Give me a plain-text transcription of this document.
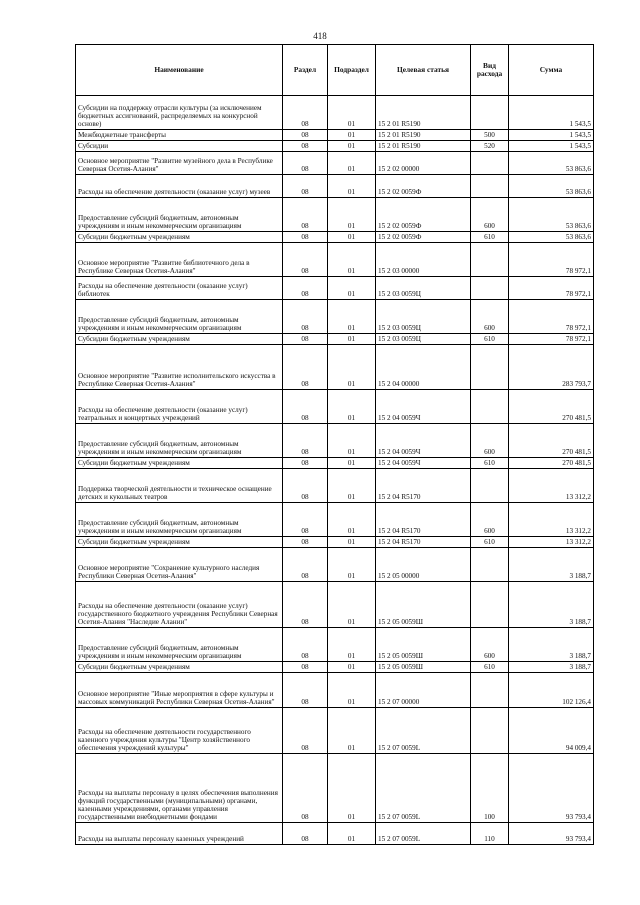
418
Наименование	Раздел	Подраздел	Целевая статья	Вид расхода	Сумма
Субсидии на поддержку отрасли культуры (за исключением бюджетных ассигнований, распределяемых на конкурсной основе)	08	01	15 2 01 R5190		1 543,5
Межбюджетные трансферты	08	01	15 2 01 R5190	500	1 543,5
Субсидии	08	01	15 2 01 R5190	520	1 543,5
Основное мероприятие "Развитие музейного дела в Республике Северная Осетия-Алания"	08	01	15 2 02 00000		53 863,6
Расходы на обеспечение деятельности (оказание услуг) музеев	08	01	15 2 02 0059Ф		53 863,6
Предоставление субсидий бюджетным, автономным учреждениям и иным некоммерческим организациям	08	01	15 2 02 0059Ф	600	53 863,6
Субсидии бюджетным учреждениям	08	01	15 2 02 0059Ф	610	53 863,6
Основное мероприятие "Развитие библиотечного дела в Республике Северная Осетия-Алания"	08	01	15 2 03 00000		78 972,1
Расходы на обеспечение деятельности (оказание услуг) библиотек	08	01	15 2 03 0059Ц		78 972,1
Предоставление субсидий бюджетным, автономным учреждениям и иным некоммерческим организациям	08	01	15 2 03 0059Ц	600	78 972,1
Субсидии бюджетным учреждениям	08	01	15 2 03 0059Ц	610	78 972,1
Основное мероприятие "Развитие исполнительского искусства в Республике Северная Осетия-Алания"	08	01	15 2 04 00000		283 793,7
Расходы на обеспечение деятельности (оказание услуг) театральных и концертных учреждений	08	01	15 2 04 0059Ч		270 481,5
Предоставление субсидий бюджетным, автономным учреждениям и иным некоммерческим организациям	08	01	15 2 04 0059Ч	600	270 481,5
Субсидии бюджетным учреждениям	08	01	15 2 04 0059Ч	610	270 481,5
Поддержка творческой деятельности и техническое оснащение детских и кукольных театров	08	01	15 2 04 R5170		13 312,2
Предоставление субсидий бюджетным, автономным учреждениям и иным некоммерческим организациям	08	01	15 2 04 R5170	600	13 312,2
Субсидии бюджетным учреждениям	08	01	15 2 04 R5170	610	13 312,2
Основное мероприятие "Сохранение культурного наследия Республики Северная Осетия-Алания"	08	01	15 2 05 00000		3 188,7
Расходы на обеспечение деятельности (оказание услуг) государственного бюджетного учреждения Республики Северная Осетия-Алания "Наследие Алании"	08	01	15 2 05 0059Ш		3 188,7
Предоставление субсидий бюджетным, автономным учреждениям и иным некоммерческим организациям	08	01	15 2 05 0059Ш	600	3 188,7
Субсидии бюджетным учреждениям	08	01	15 2 05 0059Ш	610	3 188,7
Основное мероприятие "Иные мероприятия в сфере культуры и массовых коммуникаций Республики Северная Осетия-Алания"	08	01	15 2 07 00000		102 126,4
Расходы на обеспечение деятельности государственного казенного учреждения культуры "Центр хозяйственного обеспечения учреждений культуры"	08	01	15 2 07 0059L		94 009,4
Расходы на выплаты персоналу в целях обеспечения выполнения функций государственными (муниципальными) органами, казенными учреждениями, органами управления государственными внебюджетными фондами	08	01	15 2 07 0059L	100	93 793,4
Расходы на выплаты персоналу казенных учреждений	08	01	15 2 07 0059L	110	93 793,4
